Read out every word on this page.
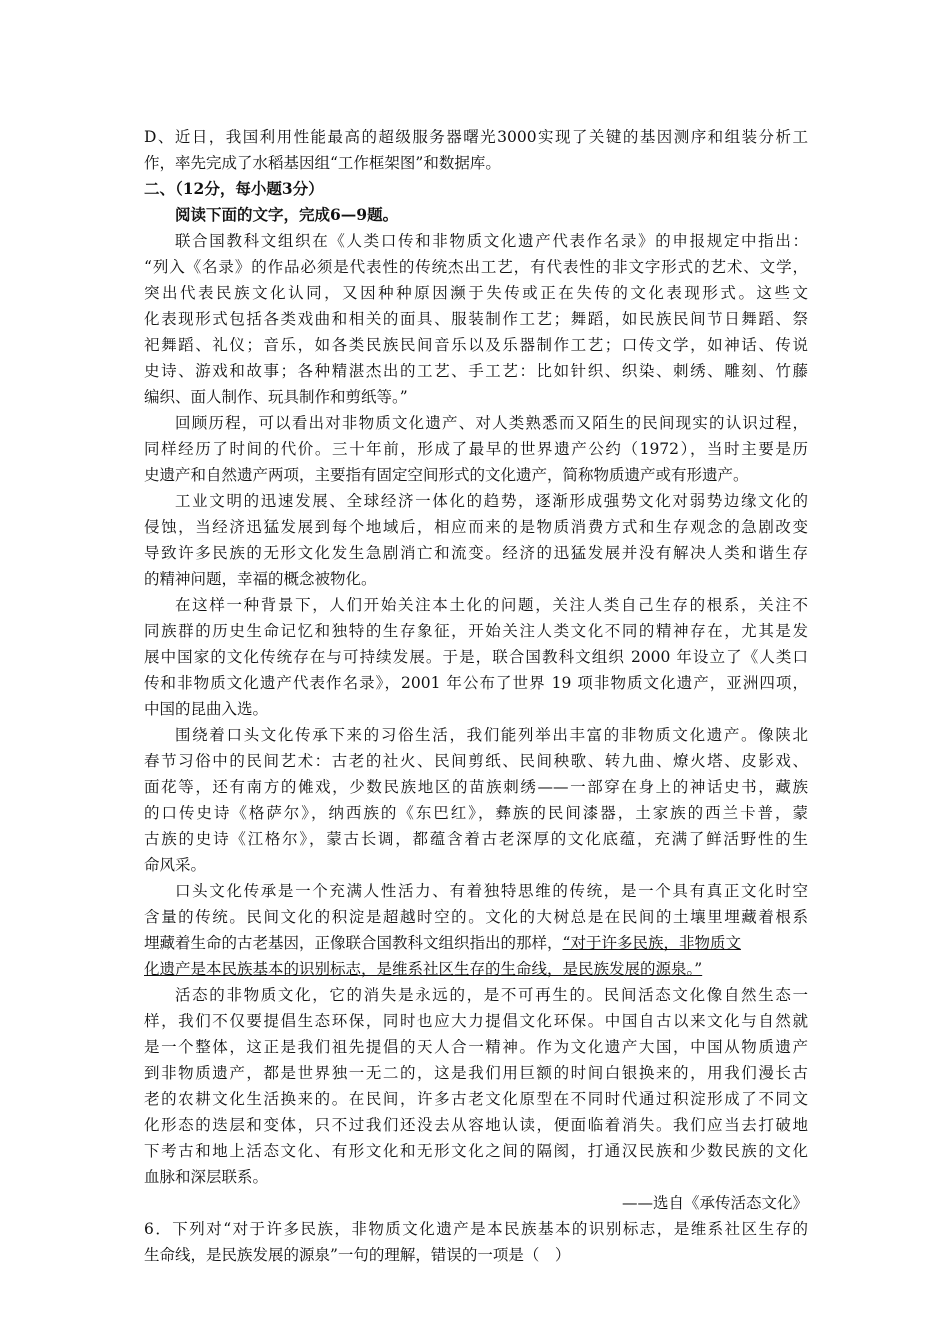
D、近日，我国利用性能最高的超级服务器曙光3000实现了关键的基因测序和组装分析工
作，率先完成了水稻基因组“工作框架图”和数据库。
二、（12分，每小题3分）
阅读下面的文字，完成6—9题。
联合国教科文组织在《人类口传和非物质文化遗产代表作名录》的申报规定中指出：
“列入《名录》的作品必须是代表性的传统杰出工艺，有代表性的非文字形式的艺术、文学，
突出代表民族文化认同，又因种种原因濒于失传或正在失传的文化表现形式。这些文
化表现形式包括各类戏曲和相关的面具、服装制作工艺；舞蹈，如民族民间节日舞蹈、祭
祀舞蹈、礼仪；音乐，如各类民族民间音乐以及乐器制作工艺；口传文学，如神话、传说
史诗、游戏和故事；各种精湛杰出的工艺、手工艺：比如针织、织染、刺绣、雕刻、竹藤
编织、面人制作、玩具制作和剪纸等。”
回顾历程，可以看出对非物质文化遗产、对人类熟悉而又陌生的民间现实的认识过程，
同样经历了时间的代价。三十年前，形成了最早的世界遗产公约（1972），当时主要是历
史遗产和自然遗产两项，主要指有固定空间形式的文化遗产，简称物质遗产或有形遗产。
工业文明的迅速发展、全球经济一体化的趋势，逐渐形成强势文化对弱势边缘文化的
侵蚀，当经济迅猛发展到每个地域后，相应而来的是物质消费方式和生存观念的急剧改变
导致许多民族的无形文化发生急剧消亡和流变。经济的迅猛发展并没有解决人类和谐生存
的精神问题，幸福的概念被物化。
在这样一种背景下，人们开始关注本土化的问题，关注人类自己生存的根系，关注不
同族群的历史生命记忆和独特的生存象征，开始关注人类文化不同的精神存在，尤其是发
展中国家的文化传统存在与可持续发展。于是，联合国教科文组织 2000 年设立了《人类口
传和非物质文化遗产代表作名录》，2001 年公布了世界 19 项非物质文化遗产，亚洲四项，
中国的昆曲入选。
围绕着口头文化传承下来的习俗生活，我们能列举出丰富的非物质文化遗产。像陕北
春节习俗中的民间艺术：古老的社火、民间剪纸、民间秧歌、转九曲、燎火塔、皮影戏、
面花等，还有南方的傩戏，少数民族地区的苗族刺绣——一部穿在身上的神话史书，藏族
的口传史诗《格萨尔》，纳西族的《东巴红》，彝族的民间漆器，土家族的西兰卡普，蒙
古族的史诗《江格尔》，蒙古长调，都蕴含着古老深厚的文化底蕴，充满了鲜活野性的生
命风采。
口头文化传承是一个充满人性活力、有着独特思维的传统，是一个具有真正文化时空
含量的传统。民间文化的积淀是超越时空的。文化的大树总是在民间的土壤里埋藏着根系
埋藏着生命的古老基因，正像联合国教科文组织指出的那样，“对于许多民族，非物质文
化遗产是本民族基本的识别标志，是维系社区生存的生命线，是民族发展的源泉。”
活态的非物质文化，它的消失是永远的，是不可再生的。民间活态文化像自然生态一
样，我们不仅要提倡生态环保，同时也应大力提倡文化环保。中国自古以来文化与自然就
是一个整体，这正是我们祖先提倡的天人合一精神。作为文化遗产大国，中国从物质遗产
到非物质遗产，都是世界独一无二的，这是我们用巨额的时间白银换来的，用我们漫长古
老的农耕文化生活换来的。在民间，许多古老文化原型在不同时代通过积淀形成了不同文
化形态的迭层和变体，只不过我们还没去从容地认读，便面临着消失。我们应当去打破地
下考古和地上活态文化、有形文化和无形文化之间的隔阂，打通汉民族和少数民族的文化
血脉和深层联系。
——选自《承传活态文化》
6．下列对“对于许多民族，非物质文化遗产是本民族基本的识别标志，是维系社区生存的
生命线，是民族发展的源泉”一句的理解，错误的一项是（　）
